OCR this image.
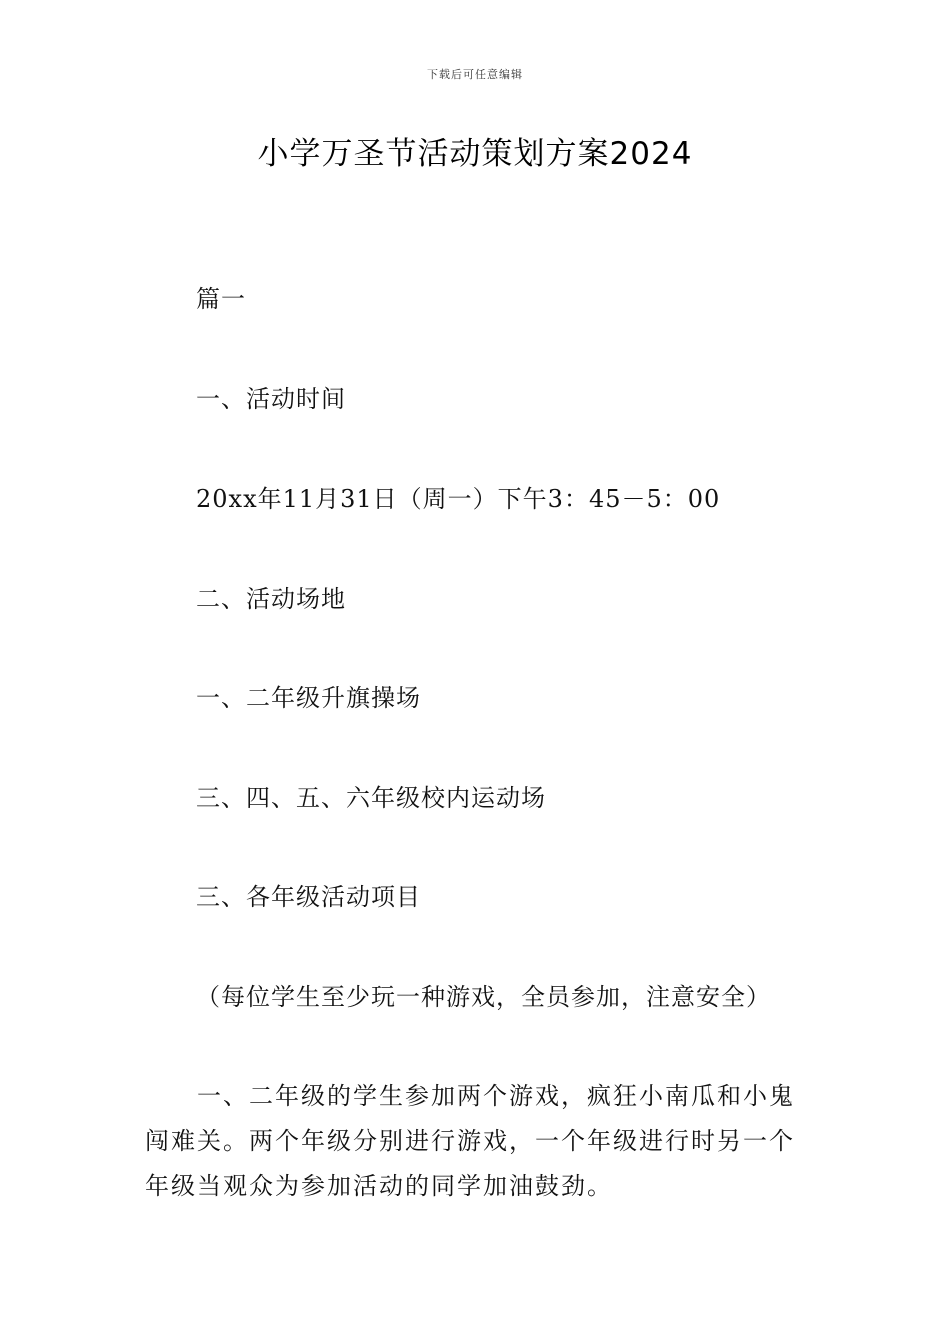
下载后可任意编辑
小学万圣节活动策划方案2024

篇一

一、活动时间

20xx年11月31日（周一）下午3：45－5：00

二、活动场地

一、二年级升旗操场

三、四、五、六年级校内运动场

三、各年级活动项目

（每位学生至少玩一种游戏，全员参加，注意安全）

一、二年级的学生参加两个游戏，疯狂小南瓜和小鬼闯难关。两个年级分别进行游戏，一个年级进行时另一个年级当观众为参加活动的同学加油鼓劲。
